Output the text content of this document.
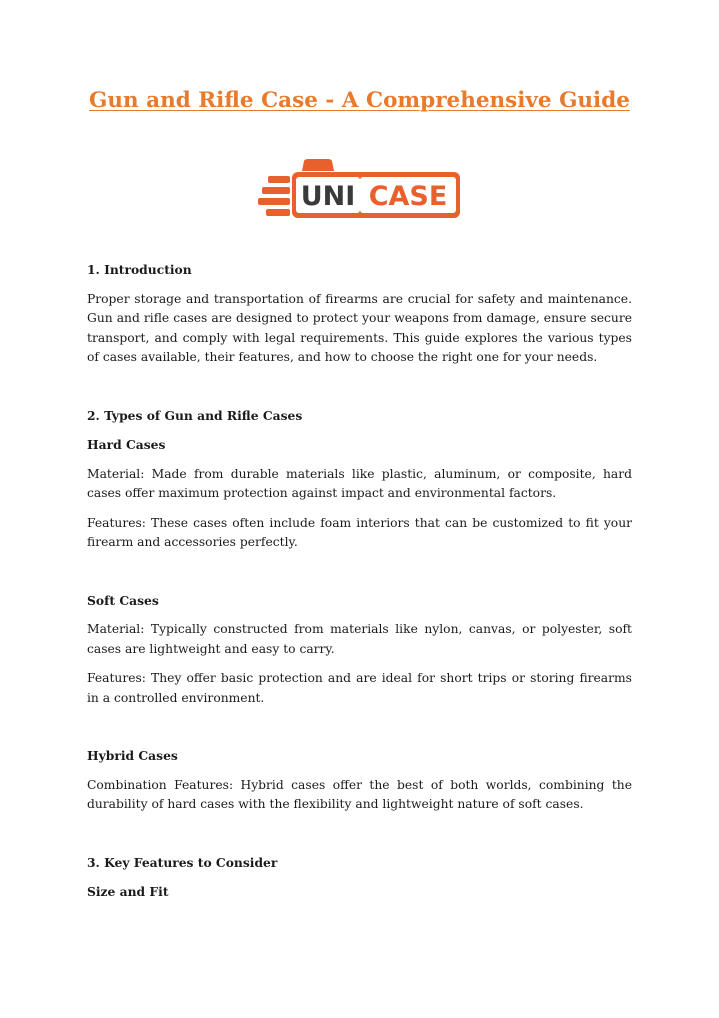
Gun and Rifle Case - A Comprehensive Guide
UNI CASE
1. Introduction

Proper storage and transportation of firearms are crucial for safety and maintenance. Gun and rifle cases are designed to protect your weapons from damage, ensure secure transport, and comply with legal requirements. This guide explores the various types of cases available, their features, and how to choose the right one for your needs.

2. Types of Gun and Rifle Cases
Hard Cases

Material: Made from durable materials like plastic, aluminum, or composite, hard cases offer maximum protection against impact and environmental factors.

Features: These cases often include foam interiors that can be customized to fit your firearm and accessories perfectly.

Soft Cases

Material: Typically constructed from materials like nylon, canvas, or polyester, soft cases are lightweight and easy to carry.

Features: They offer basic protection and are ideal for short trips or storing firearms in a controlled environment.

Hybrid Cases

Combination Features: Hybrid cases offer the best of both worlds, combining the durability of hard cases with the flexibility and lightweight nature of soft cases.

3. Key Features to Consider
Size and Fit
